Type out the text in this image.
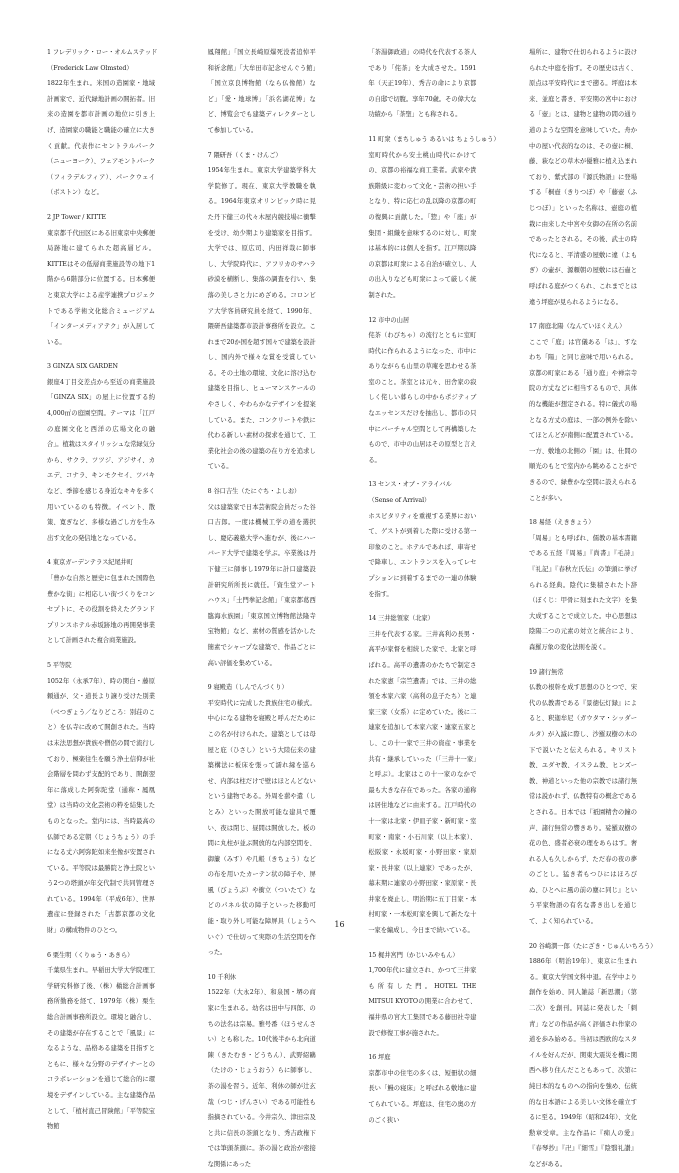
1 フレデリック・ロー・オルムステッド
（Frederick Law Olmsted）
1822年生まれ。米国の造園家・地域計画家で、近代緑地計画の開拓者。旧来の造園を都市計画の地位に引き上げ、造園家の職能と職能の確立に大きく貢献。代表作にセントラルパーク（ニューヨーク）、フェアモントパーク（フィラデルフィア）、パークウェイ（ボストン）など。
2 JP Tower / KITTE
東京都千代田区にある旧東京中央郵便局跡地に建てられた超高層ビル。KITTEはその低層商業施設等の地下1階から6階部分に位置する。日本郵便と東京大学による産学連携プロジェクトである学術文化総合ミュージアム「インターメディアテク」が入居している。
3 GINZA SIX GARDEN
銀座4丁目交差点から至近の商業施設「GINZA SIX」の屋上に位置する約4,000㎡の庭園空間。テーマは「江戸の庭園文化と西洋の広場文化の融合」。植栽はスタイリッシュな常緑気分から、サクラ、ツツジ、アジサイ、カエデ、コナラ、キンモクセイ、ツバキなど、季節を感じる身近なキキを多く用いているのも特徴。イベント、散策、寛ぎなど、多様な過ごし方を生み出す文化の発信地となっている。
4 東京ガーデンテラス紀尾井町
「豊かな自然と歴史に包まれた国際色豊かな街」に相応しい街づくりをコンセプトに、その役割を終えたグランドプリンスホテル赤坂跡地の再開発事業として計画された複合商業施設。
5 平等院
1052年（永承7年）、時の関白・藤原頼通が、父・道長より譲り受けた別業（べつぎょう／なりどころ：別荘のこと）を仏寺に改めて開創された。当時は末法思想が貴族や僧侶の間で流行しており、極楽往生を願う浄土信仰が社会階層を問わず支配的であり、開創翌年に落成した阿弥陀堂（通称・鳳凰堂）は当時の文化芸術の粋を結集したものとなった。堂内には、当時最高の仏師である定朝（じょうちょう）の手になる丈六阿弥陀如来坐像が安置されている。平等院は最勝院と浄土院という2つの塔頭が年交代制で共同管理されている。1994年（平成6年）、世界遺産に登録された「古都京都の文化財」の構成物件のひとつ。
6 栗生明（くりゅう・あきら）
千葉県生まれ。早稲田大学大学院理工学研究科修了後、（株）槇総合計画事務所勤務を経て、1979年（株）栗生総合計画事務所設立。環境と融合し、その建築が存在することで「風景」になるような、品格ある建築を目指すとともに、様々な分野のデザイナーとのコラボレーションを通じて総合的に環境をデザインしている。主な建築作品として、「植村直己冒険館」「平等院宝物館
鳳翔館」「国立長崎原爆死没者追悼平和祈念館」「大牟田市記念せんぐう館」「国立京良博物館（なら仏像館）など」「愛・地球博」「浜名湖花博」など、博覧会でも建築ディレクターとして参加している。
7 隈研吾（くま・けんご）
1954年生まれ。東京大学建築学科大学院修了。現在、東京大学教職を執る。1964年東京オリンピック時に見た丹下健三の代々木屋内競技場に衝撃を受け、幼少期より建築家を目指す。大学では、原広司、内田祥哉に師事し、大学院時代に、アフリカのサハラ砂漠を横断し、集落の調査を行い、集落の美しさと力にめざめる。コロンビア大学客員研究員を経て、1990年、隈研吾建築都市設計事務所を設立。これまで20か国を超す国々で建築を設計し、国内外で様々な賞を受賞している。その土地の環境、文化に溶け込む建築を目指し、ヒューマンスケールのやさしく、やわらかなデザインを提案している。また、コンクリートや鉄に代わる新しい素材の探求を通じて、工業化社会の後の建築の在り方を追求している。
8 谷口吉生（たにぐち・よしお）
父は建築家で日本芸術院会員だった谷口吉郎。一度は機械工学の道を選択し、慶応義塾大学へ進むが、後にハーバード大学で建築を学ぶ。卒業後は丹下健三に師事し1979年に計口建築設計研究所所長に就任。「資生堂アートハウス」「土門拳記念館」「東京都葛西臨海水族園」「東京国立博物館法隆寺宝物館」など、素材の質感を活かした簡素でシャープな建築で、作品ごとに高い評価を集めている。
9 寝殿造（しんでんづくり）
平安時代に完成した貴族住宅の様式。中心になる建物を寝殿と呼んだためにこの名が付けられた。建築としては母屋と庇（ひさし）という大陸伝来の建築構法に板床を張って濡れ縁を巡らせ、内部は柱だけで壁はほとんどないという建物である。外周を蔀や遣（しとみ）といった開放可能な建具で覆い、夜は閉じ、昼間は開放した。板の間に丸柱が並ぶ開放的な内部空間を、御簾（みす）や几帳（きちょう）などの布を用いたカーテン状の障子や、屏風（びょうぶ）や衝立（ついたて）などのパネル状の障子といった移動可能・取り外し可能な障屏具（しょうへいぐ）で仕切って実際の生活空間を作った。
10 千利休
1522年（大永2年）、和泉国・堺の商家に生まれる。幼名は田中与四郎、のちの法名は宗易。雅号番（ほうせんさい）とも称した。10代後半から北向道陳（きたむき・どうちん）、武野紹鷗（たけの・じょうおう）らに師事し、茶の湯を習う。近年、利休の師が辻玄哉（つじ・げんさい）である可能性も指摘されている。今井宗久、津田宗及と共に信長の茶頭となり、秀吉政権下では筆頭茶頭に。茶の湯と政治が密接な関係にあった
「茶湯御政道」の時代を代表する茶人であり「侘茶」を大成させた。1591年（天正19年）、秀吉の命により京都の自邸で切腹。享年70歳。その偉大な功績から「茶聖」とも称される。
11 町衆（まちしゅう あるいは ちょうしゅう）
室町時代から安土桃山時代にかけての、京都の裕福な商工業者。武家や貴族階級に変わって文化・芸術の担い手となり、特に応仁の乱以降の京都の町の復興に貢献した。「惣」や「座」が集団・組織を意味するのに対し、町衆は基本的には個人を指す。江戸期以降の京都は町衆による自治が確立し、人の出入りなども町衆によって厳しく統制された。
12 市中の山居
侘茶（わびちゃ）の流行とともに室町時代に作られるようになった、市中にありながらも山里の草庵を思わせる茶室のこと。茶室とは元々、田舎家の寂しく侘しい暮らしの中からポジティブなエッセンスだけを抽出し、都市の只中にバーチャル空間として再構築したもので、市中の山居はその原型と言える。
13 センス・オブ・アライバル
（Sense of Arrival）
ホスピタリティを重視する業界において、ゲストが到着した際に受ける第一印象のこと。ホテルであれば、車寄せで降車し、エントランスを入ってレセプションに到着するまでの一連の体験を指す。
14 三井総領家（北家）
三井を代表する家。三井高利の長男・高平が家督を相続した家で、北家と呼ばれる。高平の遺書のかたちで制定された家憲「宗竺遺書」では、三井の総領を本家六家（高利の息子たち）と連家三家（女系）に定めていた。後に二連家を追加して本家六家・連家五家とし、この十一家で三井の資産・事業を共有・継承していった（「三井十一家」と呼ぶ）。北家はこの十一家のなかで最も大きな存在であった。各家の通称は居住地などに由来する。江戸時代の十一家は北家・伊皿子家・新町家・室町家・南家・小石川家（以上本家）、松阪家・永坂町家・小野田家・家原家・長井家（以上連家）であったが、幕末期に連家の小野田家・家原家・長井家を廃止し、明治期に五丁目家・本村町家・一本松町家を興して新たな十一家を編成し、今日まで続いている。
15 梶井宮門（かじいみやもん）
1,700年代に建立され、かつて三井家も所有した門。HOTEL THE MITSUI KYOTOの開業に合わせて、福井県の宮大工集団である藤田社寺建設で修復工事が施された。
16 坪庭
京都市中の住宅の多くは、短冊状の細長い「鰻の寝床」と呼ばれる敷地に建てられている。坪庭は、住宅の奥の方のごく狭い
場所に、建物で仕切られるように設けられた中庭を指す。その歴史は古く、原点は平安時代にまで遡る。坪庭は本来、並庭と書き、平安期の宮中における「壺」とは、建物と建物の間の通り道のような空間を意味していた。舟か中の屋い代表的なのは、その壺に桐、藤、萩などの草木が優雅に植え込まれており、紫式部の『源氏物語』に登場する「桐壺（きりつぼ）や「藤壺（ふじつぼ）」といった名称は、壺庭の植栽に由来した中宮や女御の在所の名前であったとされる。その後、武士の時代になると、平清盛の屋敷に違（よもぎ）の壷が、源頼朝の屋敷には石壷と呼ばれる庭がつくられ、これまでとは違う坪庭が見られるようになる。
17 南庭北陽（なんていほくえん）
ここで「庭」は官儀ある「は」、すなわち「陽」と同じ意味で用いられる。京都の町家にある「通り庭」や禅宗寺院の方丈などに相当するもので、具体的な機能が想定される。特に儀式の場となる方丈の庭は、一部の例外を除いてほとんどが南側に配置されている。一方、敷地の北側の「園」は、仕間の順光のもとで室内から眺めることができるので、緑豊かな空間に設えられることが多い。
18 易経（えききょう）
「周易」とも呼ばれ、儒教の基本書籍である五経『周易』『尚書』『毛詩』『礼記』『春秋左氏伝』の筆頭に挙げられる経典。陰代に集積された卜辞（ぼくじ：甲骨に刻まれた文字）を集大成することで成立した。中心思想は陰陽二つの元素の対立と統合により、森羅万象の変化法則を説く。
19 諸行無常
仏教の根幹を成す思想のひとつで、宋代の仏教書である『景徳伝灯録』によると、釈迦牟尼（ガウタマ・シッダールタ）が入滅に際し、沙羅双樹の木の下で説いたと伝えられる。キリスト教、ユダヤ教、イスラム教、ヒンズー教、神道といった他の宗教では諸行無常は説かれず、仏教特有の概念であるとされる。日本では『祇園精舎の鐘の声、諸行無常の響きあり。娑羅双樹の花の色、盛者必衰の理をあらはす。奢れる人も久しからず、ただ春の夜の夢のごとし。猛き者もつひにはほろびぬ、ひとへに風の前の塵に同じ』という平家物語の有名な書き出しを通じて、よく知られている。
20 谷崎潤一郎（たにざき・じゅんいちろう）
1886年（明治19年）、東京に生まれる。東京大学国文科中退。在学中より創作を始め、同人雑誌「新思潮」（第二次）を創刊。同誌に発表した「刺青」などの作品が高く評価され作家の道を歩み始める。当初は西欧的なスタイルを好んだが、関東大震災を機に関西へ移り住んだこともあって、次第に純日本的なものへの指向を強め、伝統的な日本語による美しい文体を確立するに至る。1949年（昭和24年）、文化勲章受章。主な作品に『痴人の愛』『春琴抄』『卍』『細雪』『陰翳礼讃』などがある。
16
